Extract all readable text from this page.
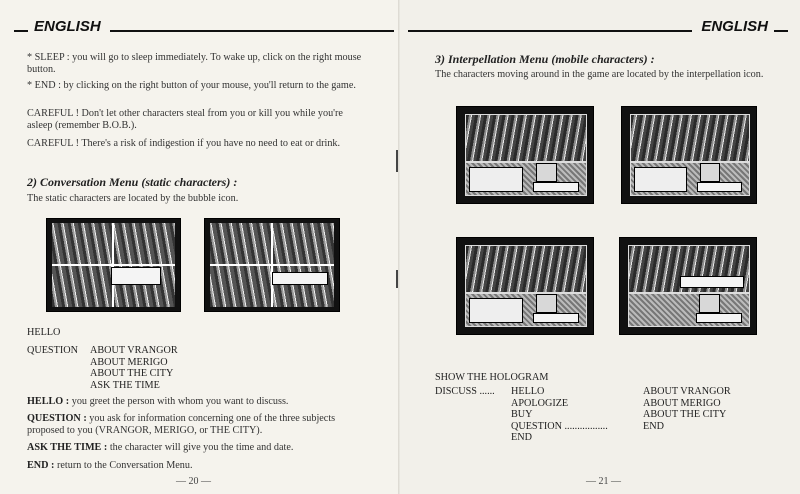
ENGLISH

* SLEEP : you will go to sleep immediately. To wake up, click on the right mouse button.

* END : by clicking on the right button of your mouse, you'll return to the game.

CAREFUL ! Don't let other characters steal from you or kill you while you're asleep (remember B.O.B.).

CAREFUL ! There's a risk of indigestion if you have no need to eat or drink.

2) Conversation Menu (static characters) :

The static characters are located by the bubble icon.

HELLO
QUESTION ABOUT VRANGOR
ABOUT MERIGO
ABOUT THE CITY
ASK THE TIME

HELLO : you greet the person with whom you want to discuss.

QUESTION : you ask for information concerning one of the three subjects proposed to you (VRANGOR, MERIGO, or THE CITY).

ASK THE TIME : the character will give you the time and date.

END : return to the Conversation Menu.

— 20 —
ENGLISH

3) Interpellation Menu (mobile characters) :

The characters moving around in the game are located by the interpellation icon.

SHOW THE HOLOGRAM
DISCUSS ...... HELLO
APOLOGIZE
BUY
QUESTION .................
END
ABOUT VRANGOR
ABOUT MERIGO
ABOUT THE CITY
END
— 21 —
